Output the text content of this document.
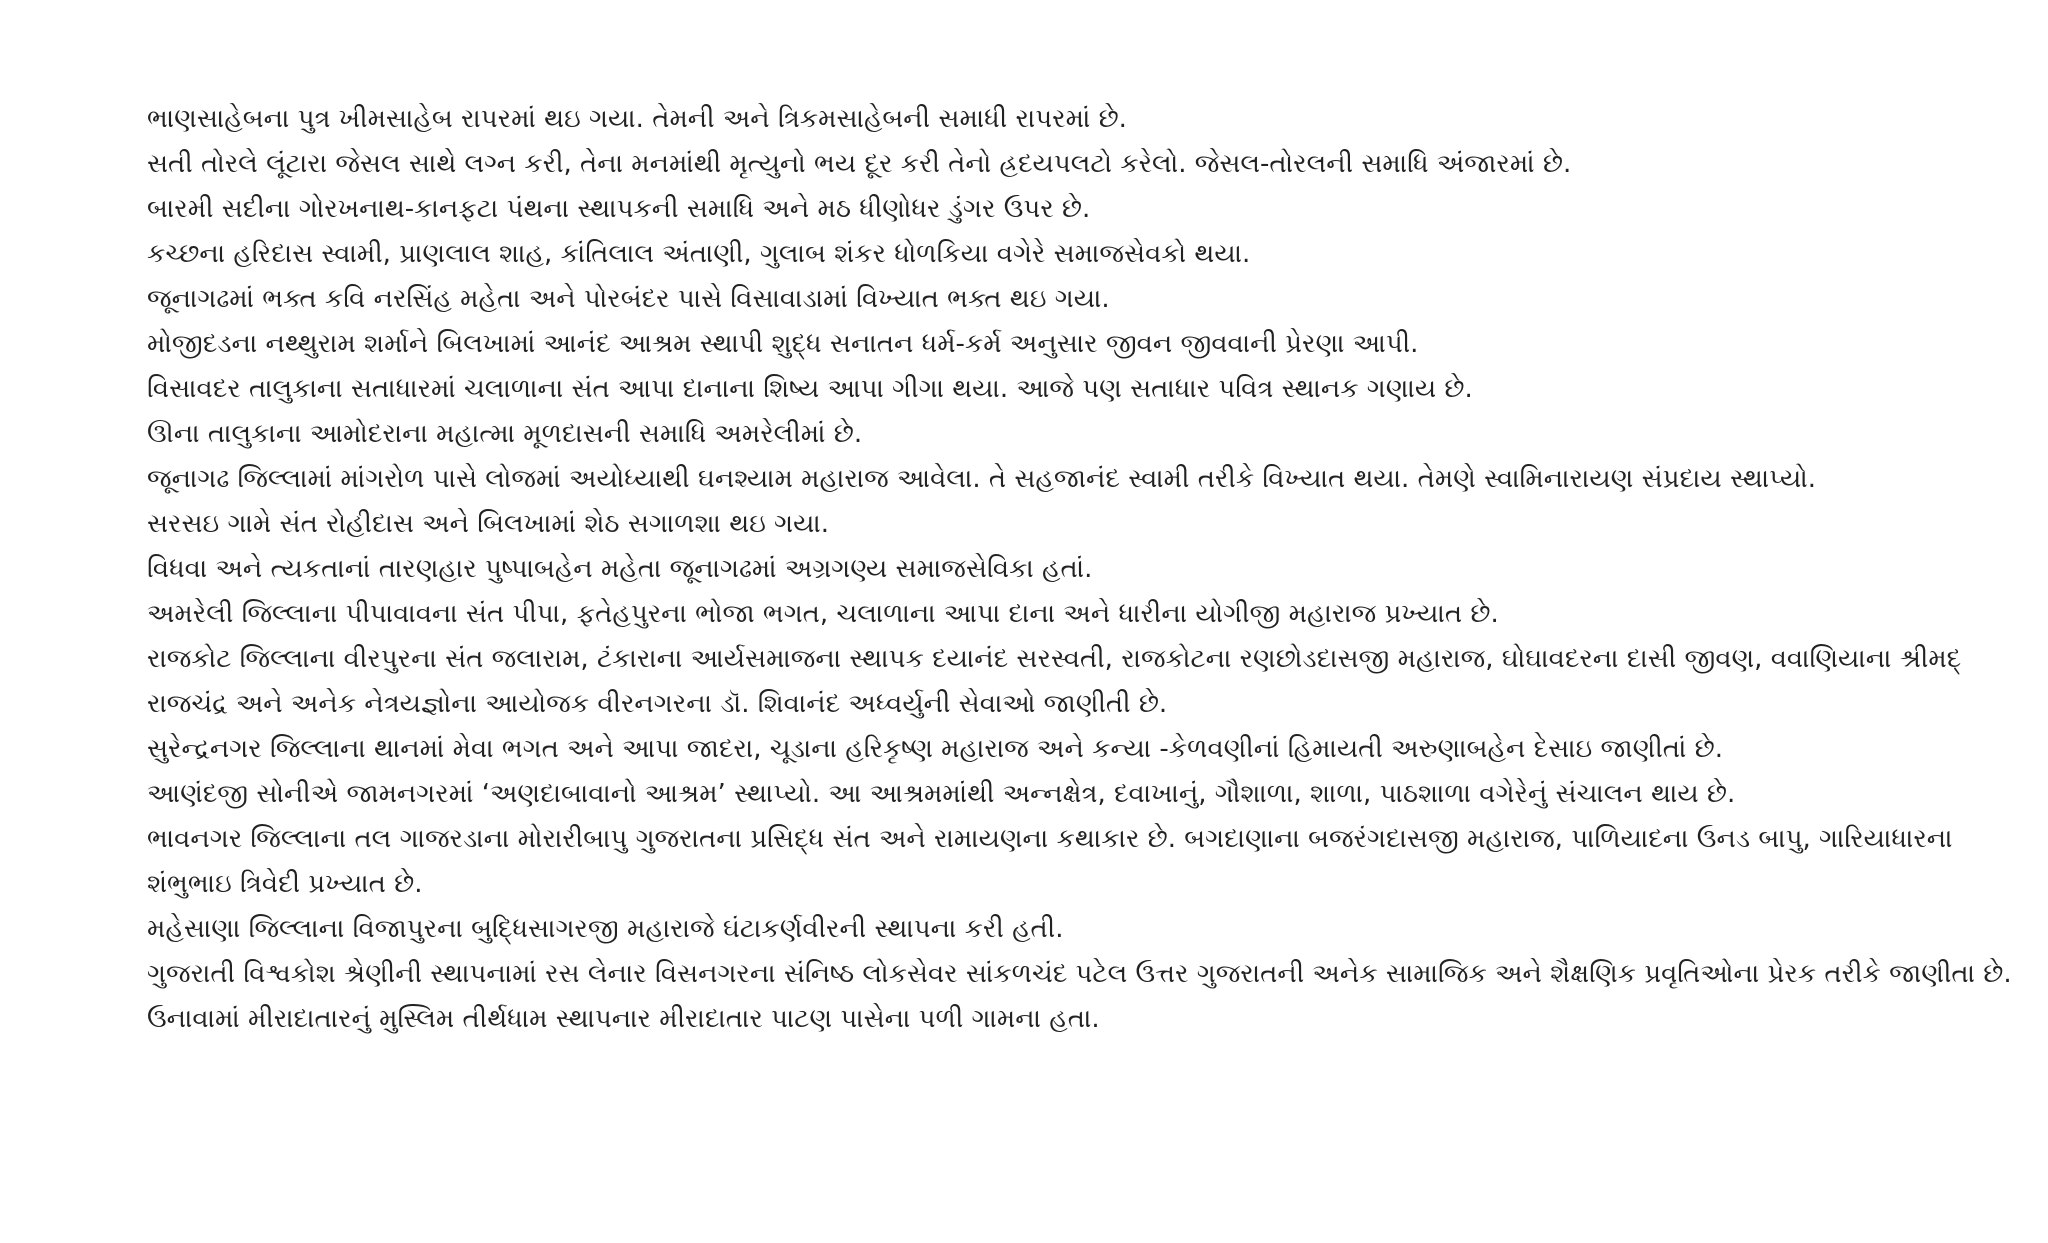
ભાણસાહેબના પુત્ર ખીમસાહેબ રાપરમાં થઇ ગયા. તેમની અને ત્રિકમસાહેબની સમાધી રાપરમાં છે.

સતી તોરલે લૂંટારા જેસલ સાથે લગ્ન કરી, તેના મનમાંથી મૃત્યુનો ભય દૂર કરી તેનો હ્રદયપલટો કરેલો. જેસલ-તોરલની સમાધિ અંજારમાં છે.

બારમી સદીના ગોરખનાથ-કાનફટા પંથના સ્થાપકની સમાધિ અને મઠ ધીણોધર ડુંગર ઉપર છે.

કચ્છના હરિદાસ સ્વામી, પ્રાણલાલ શાહ, કાંતિલાલ અંતાણી, ગુલાબ શંકર ધોળકિયા વગેરે સમાજસેવકો થયા.

જૂનાગઢમાં ભક્ત કવિ નરસિંહ મહેતા અને પોરબંદર પાસે વિસાવાડામાં વિખ્યાત ભક્ત થઇ ગયા.

મોજીદડના નથ્થુરામ શર્માને બિલખામાં આનંદ આશ્રમ સ્થાપી શુદ્ધ સનાતન ધર્મ-કર્મ અનુસાર જીવન જીવવાની પ્રેરણા આપી.

વિસાવદર તાલુકાના સતાધારમાં ચલાળાના સંત આપા દાનાના શિષ્ય આપા ગીગા થયા. આજે પણ સતાધાર પવિત્ર સ્થાનક ગણાય છે.

ઊના તાલુકાના આમોદરાના મહાત્મા મૂળદાસની સમાધિ અમરેલીમાં છે.

જૂનાગઢ જિલ્લામાં માંગરોળ પાસે લોજમાં અયોધ્યાથી ઘનશ્યામ મહારાજ આવેલા. તે સહજાનંદ સ્વામી તરીકે વિખ્યાત થયા. તેમણે સ્વામિનારાયણ સંપ્રદાય સ્થાપ્યો.

સરસઇ ગામે સંત રોહીદાસ અને બિલખામાં શેઠ સગાળશા થઇ ગયા.

વિધવા અને ત્યકતાનાં તારણહાર પુષ્પાબહેન મહેતા જૂનાગઢમાં અગ્રગણ્ય સમાજસેવિકા હતાં.

અમરેલી જિલ્લાના પીપાવાવના સંત પીપા, ફતેહપુરના ભોજા ભગત, ચલાળાના આપા દાના અને ધારીના યોગીજી મહારાજ પ્રખ્યાત છે.

રાજકોટ જિલ્લાના વીરપુરના સંત જલારામ, ટંકારાના આર્યસમાજના સ્થાપક દયાનંદ સરસ્વતી, રાજકોટના રણછોડદાસજી મહારાજ, ઘોઘાવદરના દાસી જીવણ, વવાણિયાના શ્રીમદ્ રાજચંદ્ર અને અનેક નેત્રયજ્ઞોના આયોજક વીરનગરના ડૉ. શિવાનંદ અધ્વર્યુની સેવાઓ જાણીતી છે.

સુરેન્દ્રનગર જિલ્લાના થાનમાં મેવા ભગત અને આપા જાદરા, ચૂડાના હરિકૃષ્ણ મહારાજ અને કન્યા -કેળવણીનાં હિમાયતી અરુણાબહેન દેસાઇ જાણીતાં છે.

આણંદજી સોનીએ જામનગરમાં ‘અણદાબાવાનો આશ્રમ’ સ્થાપ્યો. આ આશ્રમમાંથી અન્નક્ષેત્ર, દવાખાનું, ગૌશાળા, શાળા, પાઠશાળા વગેરેનું સંચાલન થાય છે.

ભાવનગર જિલ્લાના તલ ગાજરડાના મોરારીબાપુ ગુજરાતના પ્રસિદ્ધ સંત અને રામાયણના કથાકાર છે. બગદાણાના બજરંગદાસજી મહારાજ, પાળિયાદના ઉનડ બાપુ, ગારિયાધારના શંભુભાઇ ત્રિવેદી પ્રખ્યાત છે.

મહેસાણા જિલ્લાના વિજાપુરના બુદ્ધિસાગરજી મહારાજે ઘંટાકર્ણવીરની સ્થાપના કરી હતી.

ગુજરાતી વિશ્વકોશ શ્રેણીની સ્થાપનામાં રસ લેનાર વિસનગરના સંનિષ્ઠ લોકસેવર સાંકળચંદ પટેલ ઉત્તર ગુજરાતની અનેક સામાજિક અને શૈક્ષણિક પ્રવૃતિઓના પ્રેરક તરીકે જાણીતા છે.

ઉનાવામાં મીરાદાતારનું મુસ્લિમ તીર્થધામ સ્થાપનાર મીરાદાતાર પાટણ પાસેના પળી ગામના હતા.
